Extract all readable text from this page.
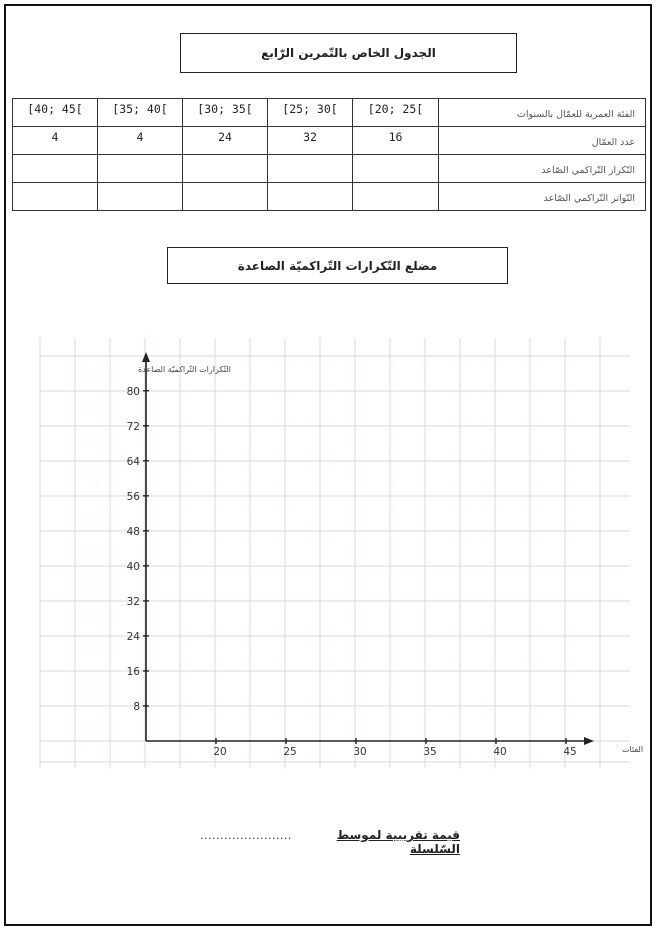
الجدول الخاص بالتّمرين الرّابع
[40; 45[	[35; 40[	[30; 35[	[25; 30[	[20; 25[	الفئة العمرية للعمّال بالسنوات
4	4	24	32	16	عدد العمّال
					التّكرار التّراكمي الصّاعد
					التّواتر التّراكمي الصّاعد
مضلع التّكرارات التّراكميّة الصاعدة
8
16
24
32
40
48
56
64
72
80
20	25	30	35	40	45
التّكرارات التّراكميّة الصاعدة
الفئات
.......................	قيمة تقريبية لموسط السّلسلة
